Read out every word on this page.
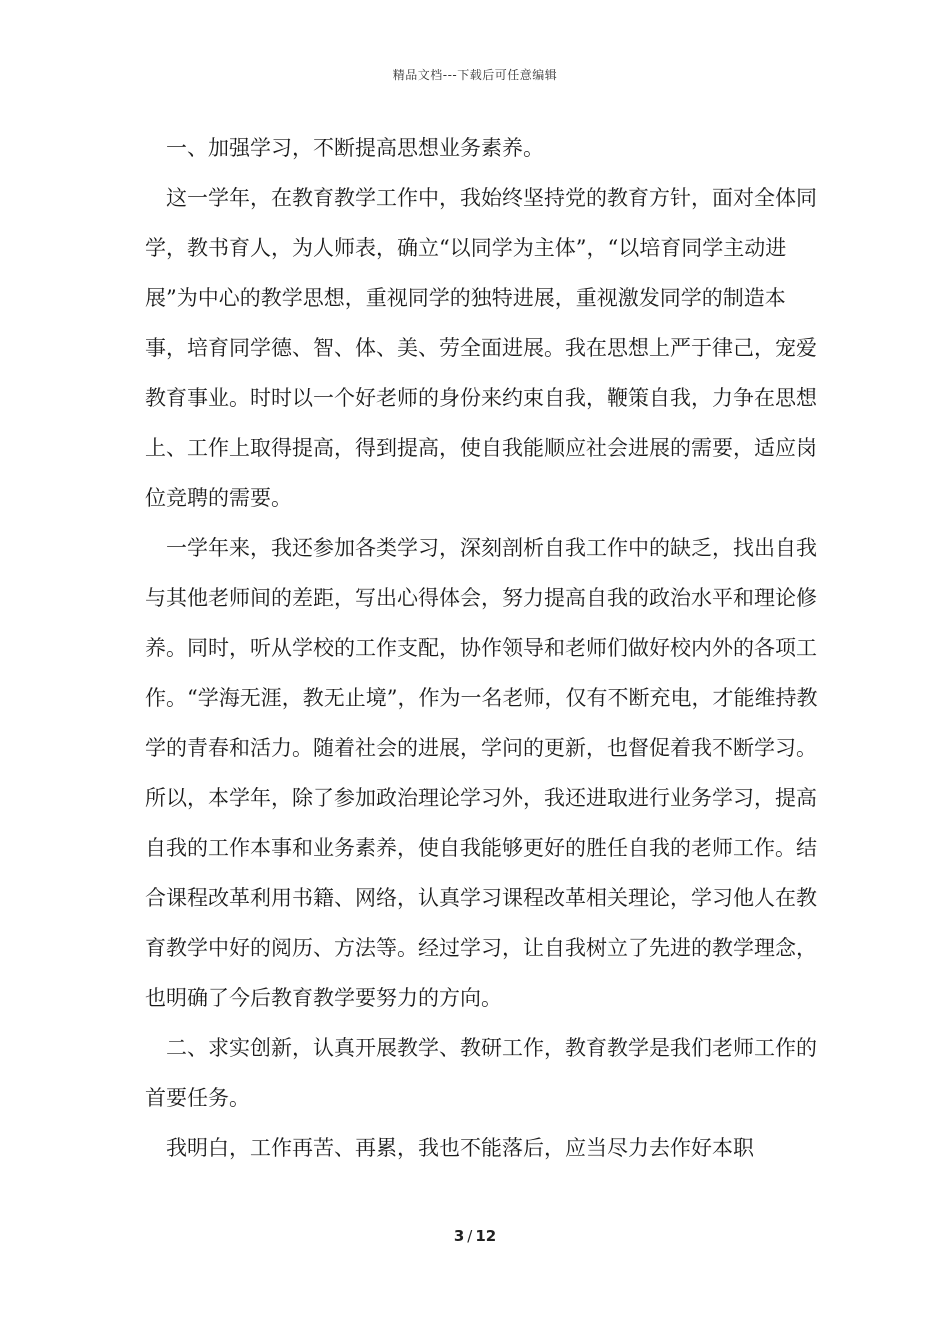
精品文档---下载后可任意编辑

一、加强学习，不断提高思想业务素养。

这一学年，在教育教学工作中，我始终坚持党的教育方针，面对全体同学，教书育人，为人师表，确立“以同学为主体”，“以培育同学主动进展”为中心的教学思想，重视同学的独特进展，重视激发同学的制造本事，培育同学德、智、体、美、劳全面进展。我在思想上严于律己，宠爱教育事业。时时以一个好老师的身份来约束自我，鞭策自我，力争在思想上、工作上取得提高，得到提高，使自我能顺应社会进展的需要，适应岗位竞聘的需要。

一学年来，我还参加各类学习，深刻剖析自我工作中的缺乏，找出自我与其他老师间的差距，写出心得体会，努力提高自我的政治水平和理论修养。同时，听从学校的工作支配，协作领导和老师们做好校内外的各项工作。“学海无涯，教无止境”，作为一名老师，仅有不断充电，才能维持教学的青春和活力。随着社会的进展，学问的更新，也督促着我不断学习。所以，本学年，除了参加政治理论学习外，我还进取进行业务学习，提高自我的工作本事和业务素养，使自我能够更好的胜任自我的老师工作。结合课程改革利用书籍、网络，认真学习课程改革相关理论，学习他人在教育教学中好的阅历、方法等。经过学习，让自我树立了先进的教学理念，也明确了今后教育教学要努力的方向。

二、求实创新，认真开展教学、教研工作，教育教学是我们老师工作的首要任务。

我明白，工作再苦、再累，我也不能落后，应当尽力去作好本职

3 / 12
